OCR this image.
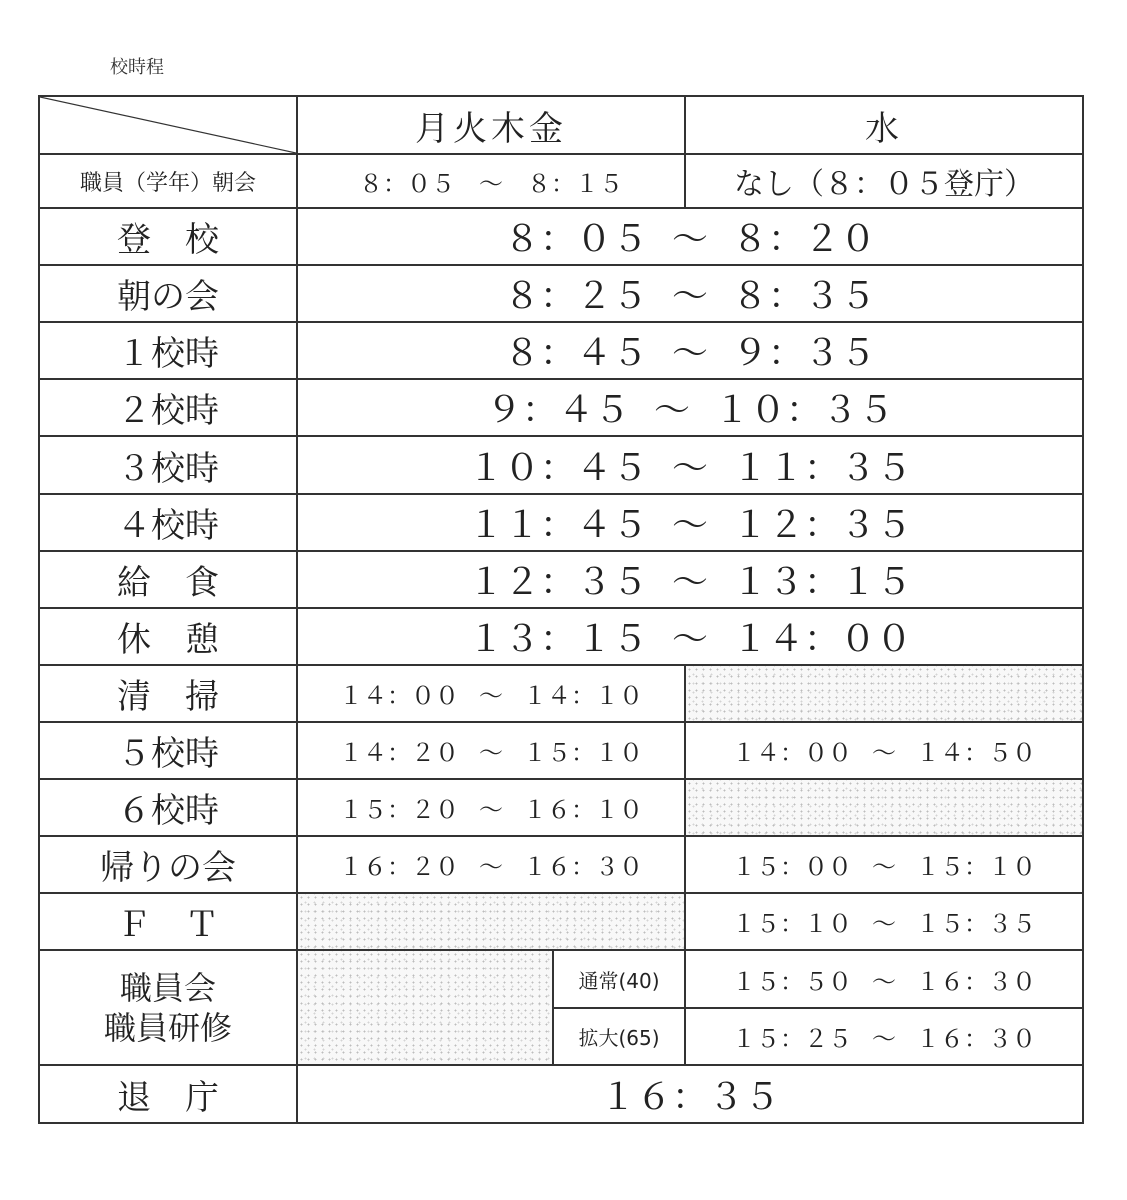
校時程
	月火木金		水
職員（学年）朝会	８：０５ ～ ８：１５		なし（８：０５登庁）
登　校	８：０５ ～ ８：２０		
朝の会	８：２５ ～ ８：３５		
１校時	８：４５ ～ ９：３５		
２校時	９：４５ ～ １０：３５		
３校時	１０：４５ ～ １１：３５		
４校時	１１：４５ ～ １２：３５		
給　食	１２：３５ ～ １３：１５		
休　憩	１３：１５ ～ １４：００		
清　掃	１４：００ ～ １４：１０		
５校時	１４：２０ ～ １５：１０		１４：００ ～ １４：５０
６校時	１５：２０ ～ １６：１０		
帰りの会	１６：２０ ～ １６：３０		１５：００ ～ １５：１０
Ｆ　Ｔ			１５：１０ ～ １５：３５

職員会
職員研修		通常(40)	１５：５０ ～ １６：３０
		拡大(65)	１５：２５ ～ １６：３０
退　庁	１６：３５		
